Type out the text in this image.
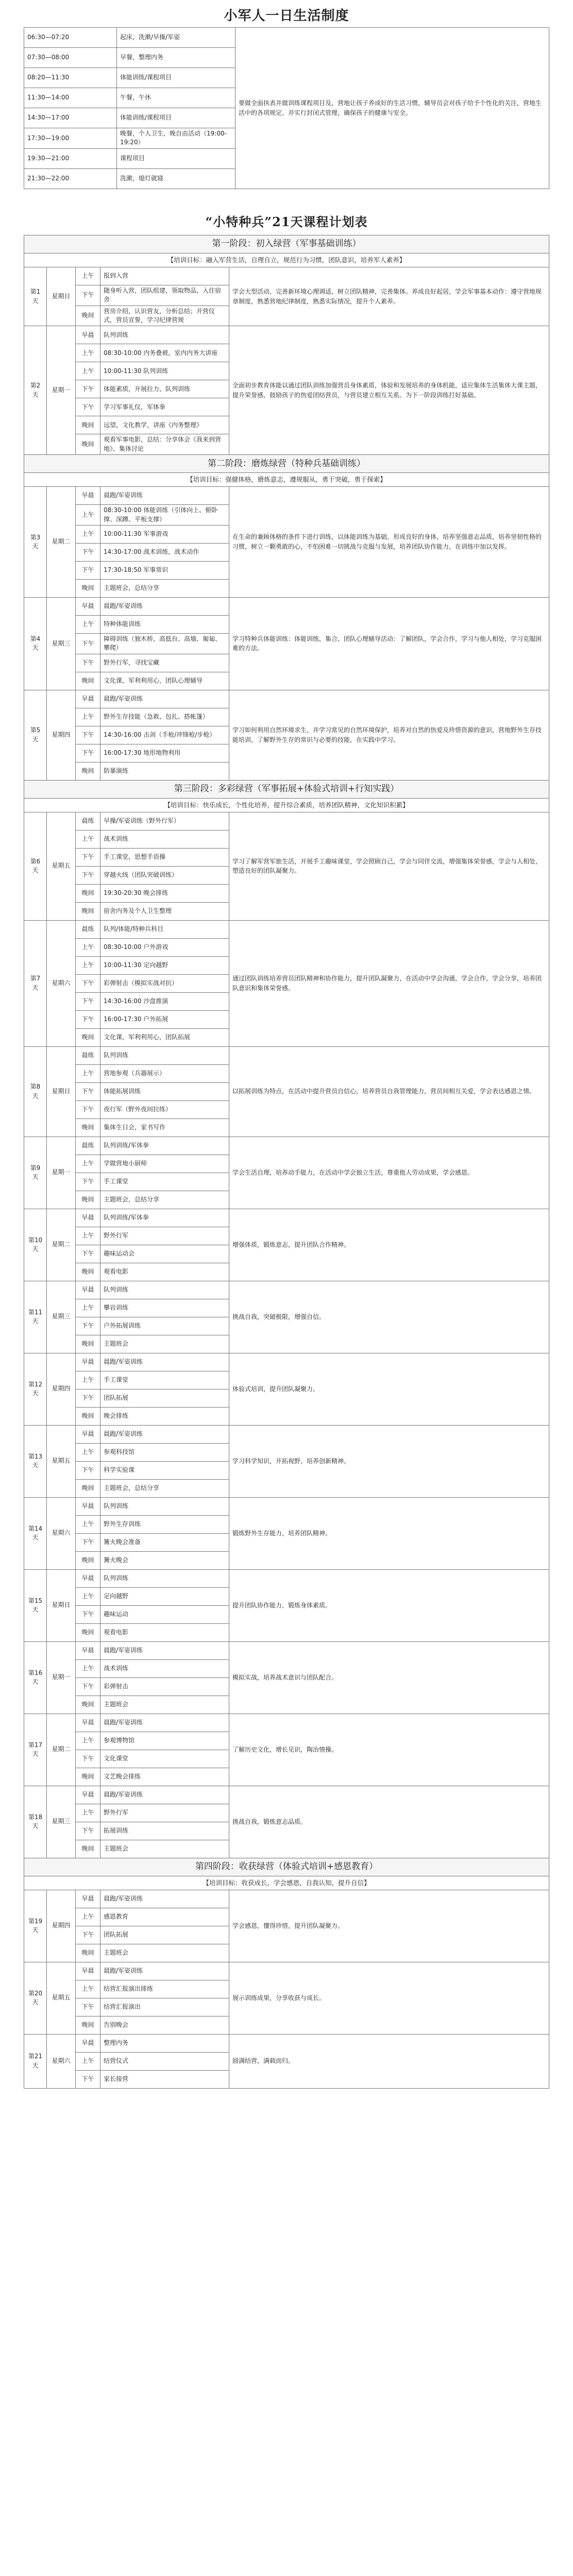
小军人一日生活制度
06:30—07:20	起床，洗漱/早操/军姿	要做全面执表并做训练课程项目及，营地让孩子养成好的生活习惯，辅导员会对孩子给予个性化的关注，营地生活中的各项规定，并实行封闭式管理，确保孩子的健康与安全。
07:30—08:00	早餐，整理内务	
08:20—11:30	体能训练/课程项目	
11:30—14:00	午餐，午休	
14:30—17:00	体能训练/课程项目	
17:30—19:00	晚餐，个人卫生，晚自由活动（19:00-19:20）	
19:30—21:00	课程项目	
21:30—22:00	洗漱，熄灯就寝	
“小特种兵”21天课程计划表
第一阶段：初入绿营（军事基础训练）				
【培训目标：融入军营生活，自理自立，规范行为习惯，团队意识，培养军人素养】				
第1天	星期日	上午	报到入营	学会大型活动，完善新环境心理调适，树立团队精神，完善集体。养成良好起居，学会军事基本动作：遵守营地规章制度，熟悉营地纪律制度，熟悉实际情况，提升个人素养。
		下午	随身听入营，团队组建，领取物品，入住宿舍	
		晚间	营房介绍，认识营友，分析总结；开营仪式，营员宣誓，学习纪律营规	
第2天	星期一	早晨	队列训练	全面初步教育体能以通过团队训练加强营员身体素质，体验和发展培养的身体机能，适应集体生活集体大课主题，提升荣誉感，鼓励孩子的热爱团结营员，与营员建立相互关系。为下一阶段训练打好基础。
		上午	08:30-10:00 内务叠被，室内内务大讲座	
		上午	10:00-11:30 队列训练	
		下午	体能素质，开展拉力，队列训练	
		下午	学习军事礼仪，军体拳	
		晚间	远望，文化教学，讲座《内务整理》	
		晚间	观看军事电影，总结：分享体会《我来到营地》、集体讨论	
第二阶段：磨炼绿营（特种兵基础训练）				
【培训目标：强健体格，磨炼意志，遵规服从，勇于突破，勇于探索】				
第3天	星期二	早晨	晨跑/军姿训练	在生命的兼顾体格的条件下进行训练，以体能训练为基础，形成良好的身体，培养坚强意志品质，培养坚韧性格的习惯，树立一颗勇敢的心，不怕困难一切挑战与克服与发展，培养团队协作能力，在训练中加以发挥。
		上午	08:30-10:00 体能训练（引体向上、俯卧撑、深蹲、平板支撑）	
		上午	10:00-11:30 军事游戏	
		下午	14:30-17:00 战术训练，战术动作	
		下午	17:30-18:50 军事常识	
		晚间	主题班会，总结分享	
第4天	星期三	早晨	晨跑/军姿训练	学习特种兵体能训练：体能训练，集合、团队心理辅导活动：了解团队，学会合作，学习与他人相处，学习克服困难的方法。
		上午	特种体能训练	
		下午	障碍训练（独木桥，高低台、高墙、匍匐、攀爬）	
		下午	野外行军，寻找宝藏	
		晚间	文化课，军利利用心，团队心理辅导	
第5天	星期四	早晨	晨跑/军姿训练	学习如何利用自然环境求生，并学习常见的自然环境保护，培养对自然的热爱及珍惜资源的意识，营地野外生存技能培训，了解野外生存的常识与必要的技能，在实践中学习。
		上午	野外生存技能（急救、包扎、搭帐篷）	
		下午	14:30-16:00 击剑（手枪/冲锋枪/步枪）	
		下午	16:00-17:30 地形地物利用	
		晚间	防暴演练	
第三阶段：多彩绿营（军事拓展+体验式培训+行知实践）				
【培训目标：快乐成长，个性化培养，提升综合素质，培养团队精神，文化知识积累】				
第6天	星期五	晨练	早操/军姿训练（野外行军）	学习了解军营军旅生活，开展手工趣味课堂，学会照顾自己，学会与同伴交流，增强集体荣誉感，学会与人相处，塑造良好的团队凝聚力。
		上午	战术训练	
		下午	手工课堂，思想手语操	
		下午	穿越火线（团队突破训练）	
		晚间	19:30-20:30 晚会排练	
		晚间	宿舍内务及个人卫生整理	
第7天	星期六	晨练	队列/体能/特种兵科目	通过团队训练培养营员团队精神和协作能力，提升团队凝聚力，在活动中学会沟通，学会合作，学会分享，培养团队意识和集体荣誉感。
		上午	08:30-10:00 户外游戏	
		上午	10:00-11:30 定向越野	
		下午	彩弹射击（模拟实战对抗）	
		下午	14:30-16:00 沙盘推演	
		下午	16:00-17:30 户外拓展	
		晚间	文化课，军利利用心，团队拓展	
第8天	星期日	晨练	队列训练	以拓展训练为特点，在活动中提升营员自信心，培养营员自我管理能力，营员间相互关爱，学会表达感恩之情。
		上午	营地参观（兵器展示）	
		下午	体能拓展训练	
		下午	夜行军（野外夜间拉练）	
		晚间	集体生日会，家书写作	
第9天	星期一	晨练	队列训练/军体拳	学会生活自理，培养动手能力，在活动中学会独立生活，尊重他人劳动成果，学会感恩。
		上午	学做营地小厨师	
		下午	手工课堂	
		晚间	主题班会，总结分享	
第10天	星期二	早晨	队列训练/军体拳	增强体质，锻炼意志，提升团队合作精神。
		上午	野外行军	
		下午	趣味运动会	
		晚间	观看电影	
第11天	星期三	早晨	队列训练	挑战自我，突破极限，增强自信。
		上午	攀岩训练	
		下午	户外拓展训练	
		晚间	主题班会	
第12天	星期四	早晨	晨跑/军姿训练	体验式培训，提升团队凝聚力。
		上午	手工课堂	
		下午	团队拓展	
		晚间	晚会排练	
第13天	星期五	早晨	晨跑/军姿训练	学习科学知识，开拓视野，培养创新精神。
		上午	参观科技馆	
		下午	科学实验课	
		晚间	主题班会，总结分享	
第14天	星期六	早晨	队列训练	锻炼野外生存能力，培养团队精神。
		上午	野外生存训练	
		下午	篝火晚会准备	
		晚间	篝火晚会	
第15天	星期日	早晨	队列训练	提升团队协作能力，锻炼身体素质。
		上午	定向越野	
		下午	趣味运动	
		晚间	观看电影	
第16天	星期一	早晨	晨跑/军姿训练	模拟实战，培养战术意识与团队配合。
		上午	战术训练	
		下午	彩弹射击	
		晚间	主题班会	
第17天	星期二	早晨	晨跑/军姿训练	了解历史文化，增长见识，陶冶情操。
		上午	参观博物馆	
		下午	文化课堂	
		晚间	文艺晚会排练	
第18天	星期三	早晨	晨跑/军姿训练	挑战自我，锻炼意志品质。
		上午	野外行军	
		下午	拓展训练	
		晚间	主题班会	
第四阶段：收获绿营（体验式培训+感恩教育）				
【培训目标：收获成长，学会感恩，自我认知，提升自信】				
第19天	星期四	早晨	晨跑/军姿训练	学会感恩，懂得珍惜，提升团队凝聚力。
		上午	感恩教育	
		下午	团队拓展	
		晚间	主题班会	
第20天	星期五	早晨	晨跑/军姿训练	展示训练成果，分享收获与成长。
		上午	结营汇报演出排练	
		下午	结营汇报演出	
		晚间	告别晚会	
第21天	星期六	早晨	整理内务	圆满结营，满载而归。
		上午	结营仪式	
		下午	家长接营	
